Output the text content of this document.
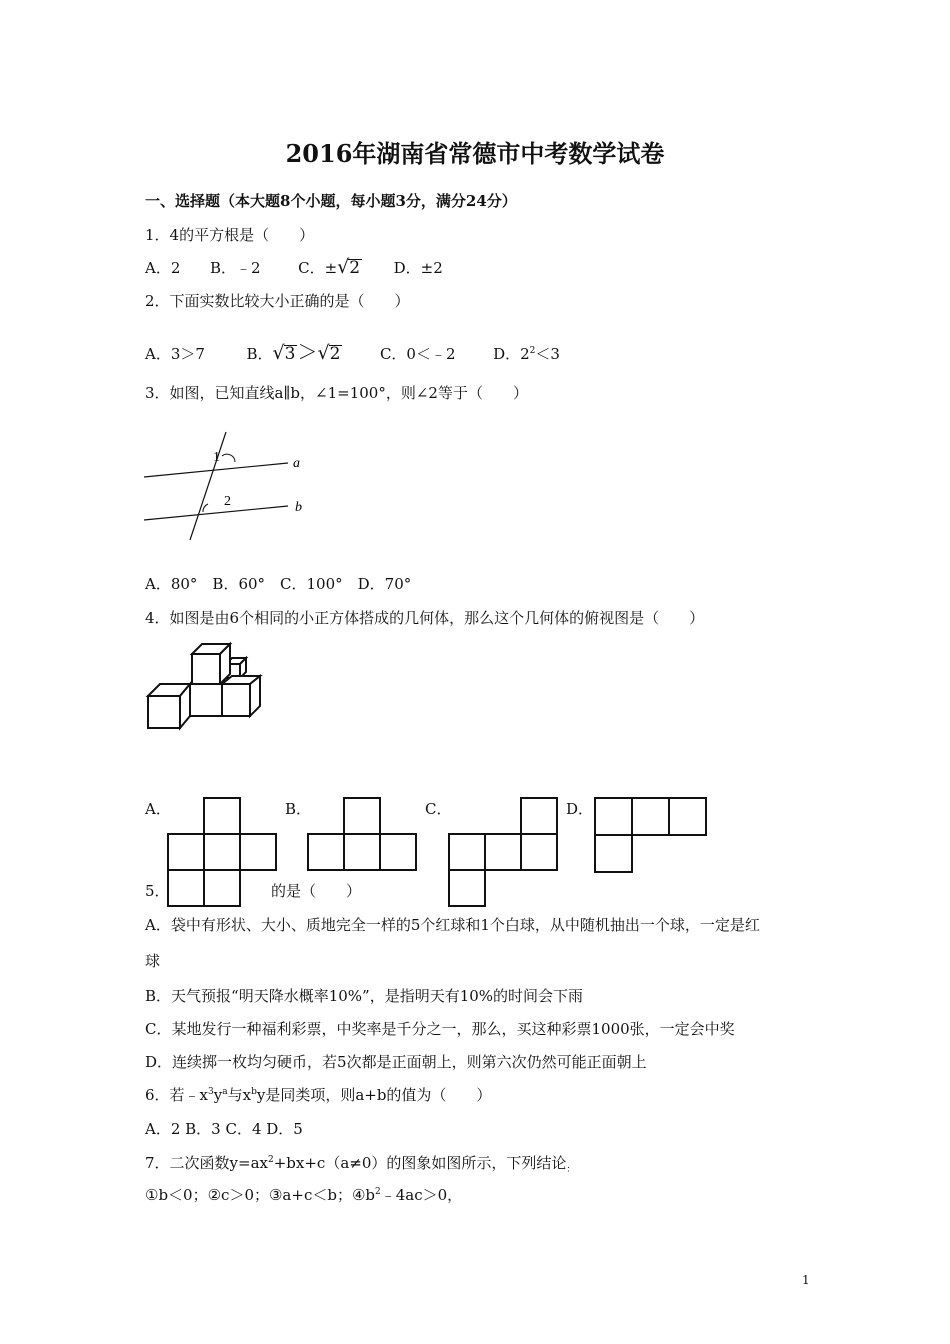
2016年湖南省常德市中考数学试卷
一、选择题（本大题8个小题，每小题3分，满分24分）
1．4的平方根是（　　）
A．2 B．﹣2	C．±√2 D．±2
2．下面实数比较大小正确的是（　　）
A．3＞7	B．√3 ＞√2	C．0＜﹣2	D．$2^2<3$
3．如图，已知直线a∥b，∠1=100°，则∠2等于（　　）
1
2
a
b
A．80°　B．60°　C．100°　D．70°
4．如图是由6个相同的小正方体搭成的几何体，那么这个几何体的俯视图是（　　）
A．	B．	C．	D．
5．	的是（　　）
A．袋中有形状、大小、质地完全一样的5个红球和1个白球，从中随机抽出一个球，一定是红
球
B．天气预报“明天降水概率10%”，是指明天有10%的时间会下雨
C．某地发行一种福利彩票，中奖率是千分之一，那么，买这种彩票1000张，一定会中奖
D．连续掷一枚均匀硬币，若5次都是正面朝上，则第六次仍然可能正面朝上
6．若$﹣x^3y^a$与$x^by$是同类项，则a+b的值为（　　）
A．2 B．3 C．4 D．5
7．二次函数$y=ax^2+bx+c(a\ne 0)$的图象如图所示，下列结论$_:$
①b＜0；②c＞0；③a+c＜b；$④b^2﹣4ac>0$，
1
